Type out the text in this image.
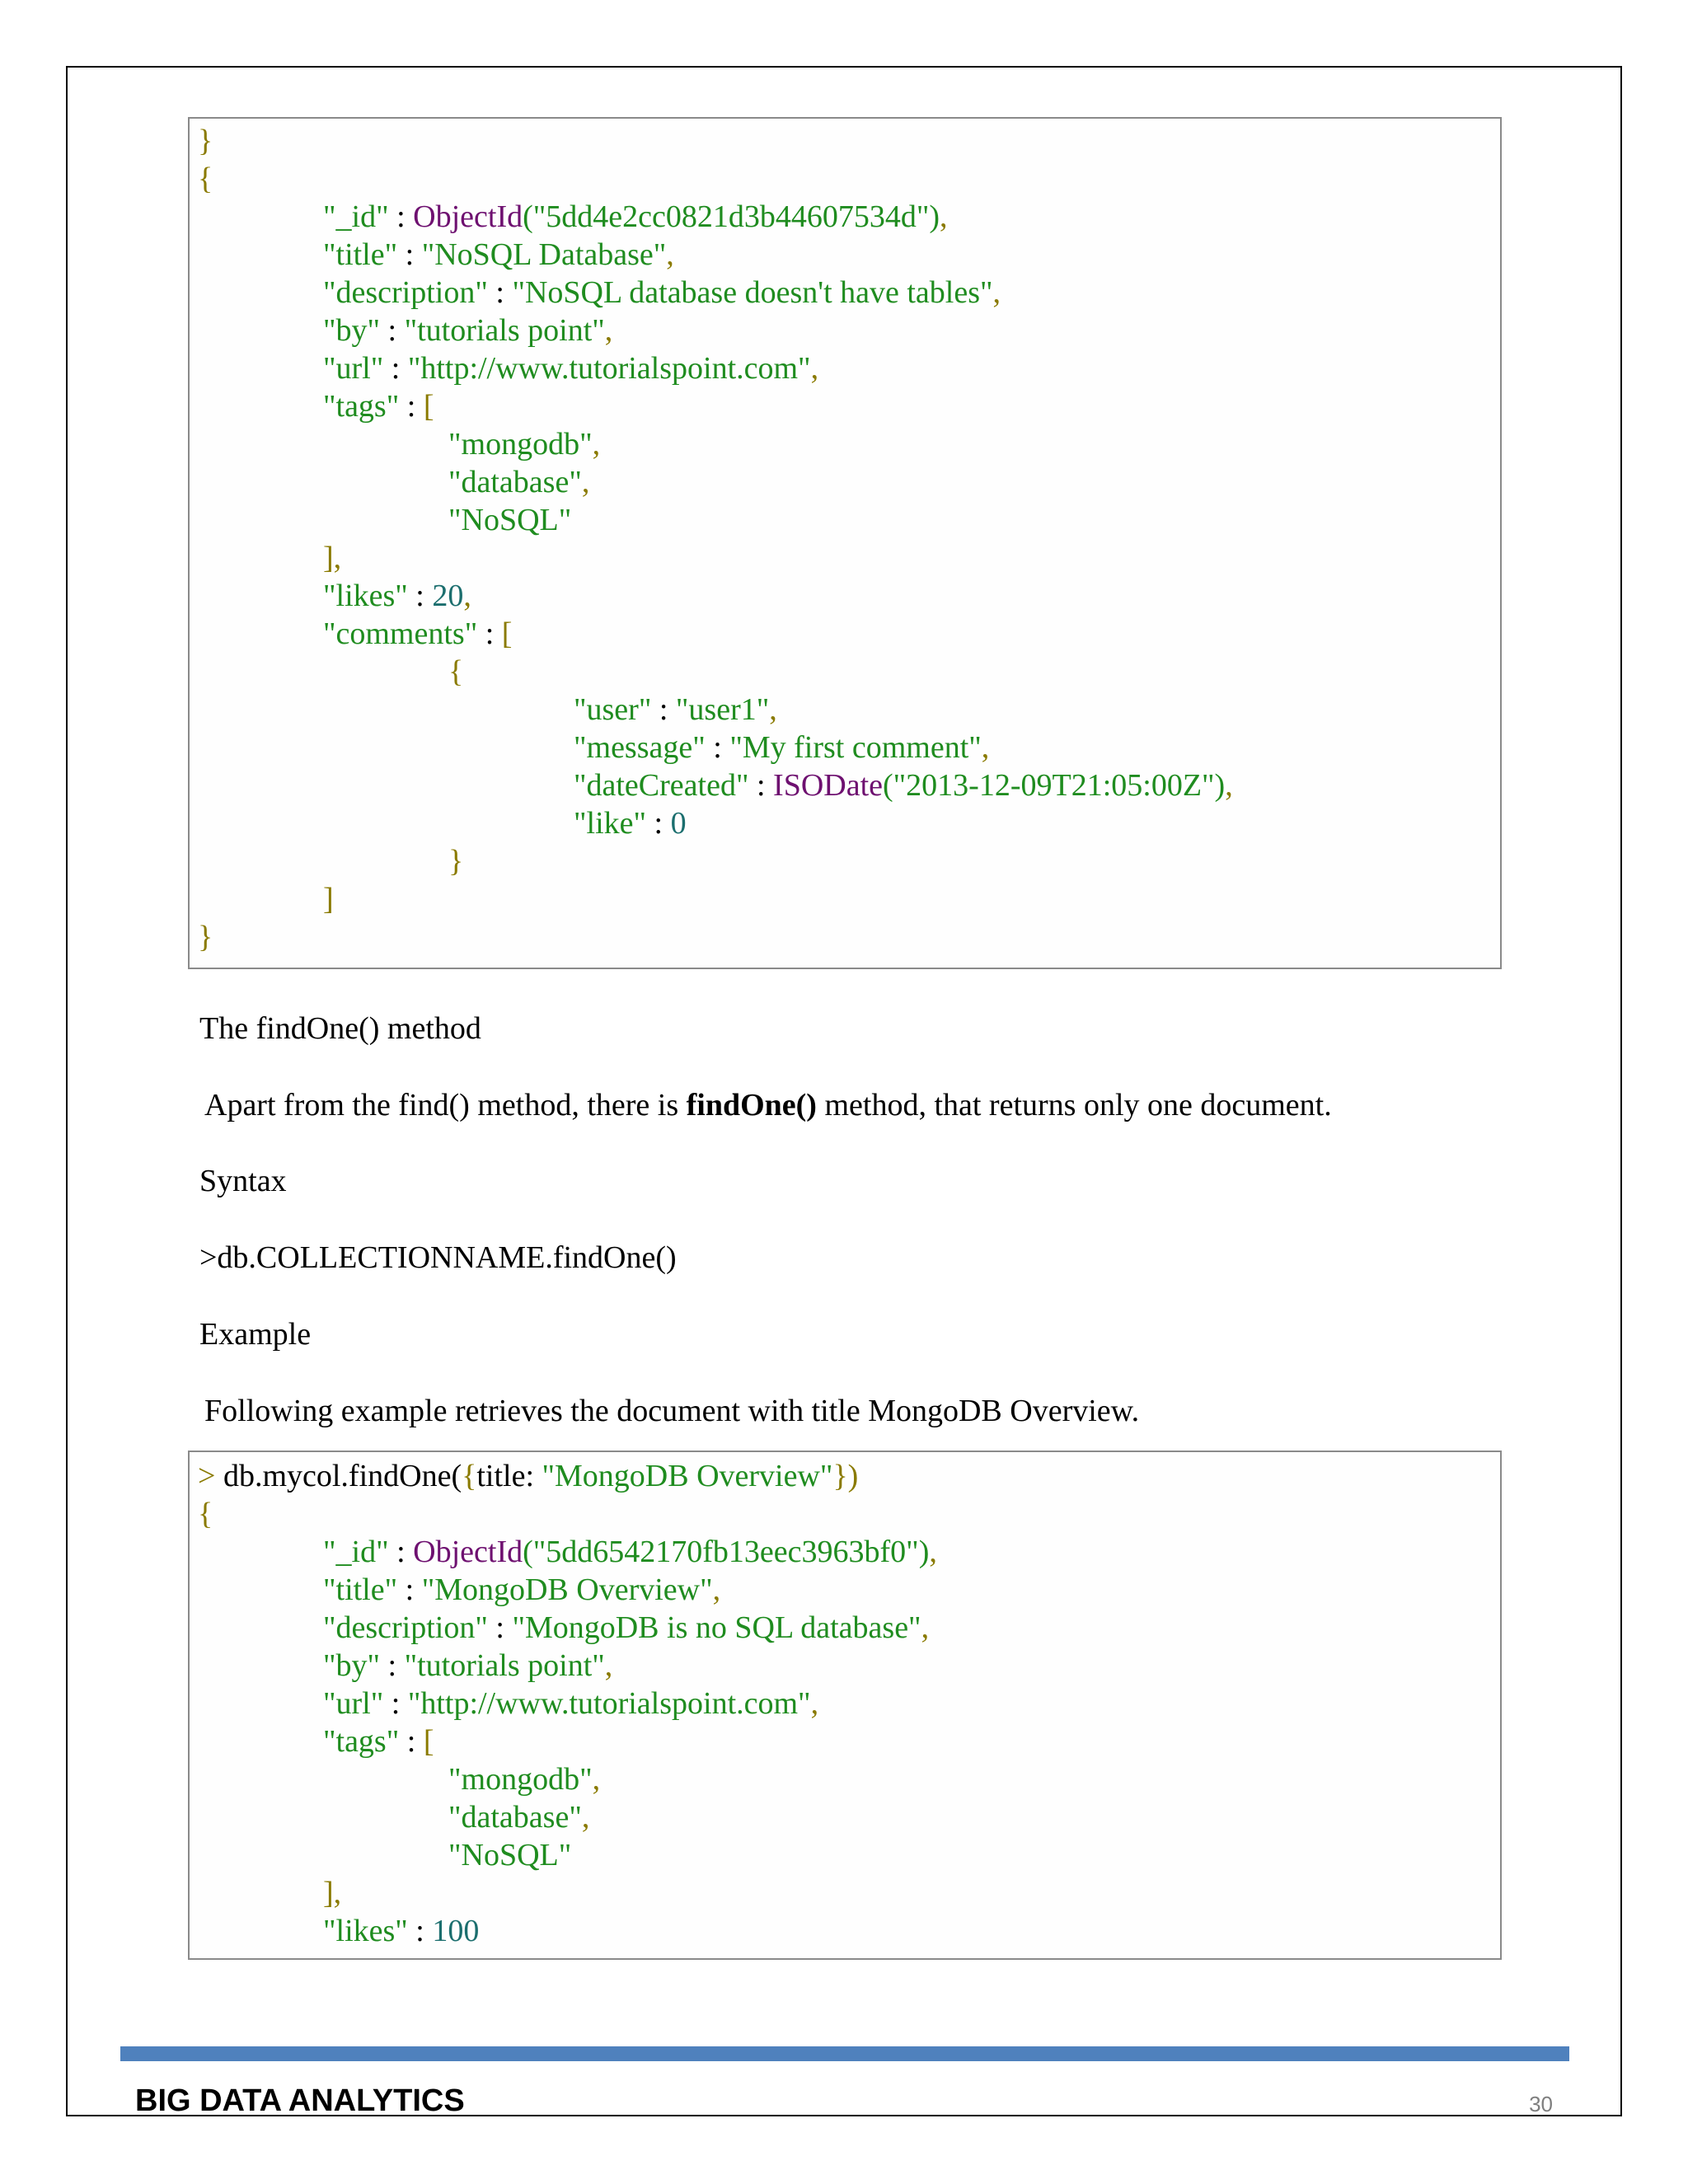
}
{
"_id" : ObjectId("5dd4e2cc0821d3b44607534d"),
"title" : "NoSQL Database",
"description" : "NoSQL database doesn't have tables",
"by" : "tutorials point",
"url" : "http://www.tutorialspoint.com",
"tags" : [
"mongodb",
"database",
"NoSQL"
],
"likes" : 20,
"comments" : [
{
"user" : "user1",
"message" : "My first comment",
"dateCreated" : ISODate("2013-12-09T21:05:00Z"),
"like" : 0
}
]
}
The findOne() method
Apart from the find() method, there is findOne() method, that returns only one document.
Syntax
>db.COLLECTIONNAME.findOne()
Example
Following example retrieves the document with title MongoDB Overview.
> db.mycol.findOne({title: "MongoDB Overview"})
{
"_id" : ObjectId("5dd6542170fb13eec3963bf0"),
"title" : "MongoDB Overview",
"description" : "MongoDB is no SQL database",
"by" : "tutorials point",
"url" : "http://www.tutorialspoint.com",
"tags" : [
"mongodb",
"database",
"NoSQL"
],
"likes" : 100
BIG DATA ANALYTICS	30
